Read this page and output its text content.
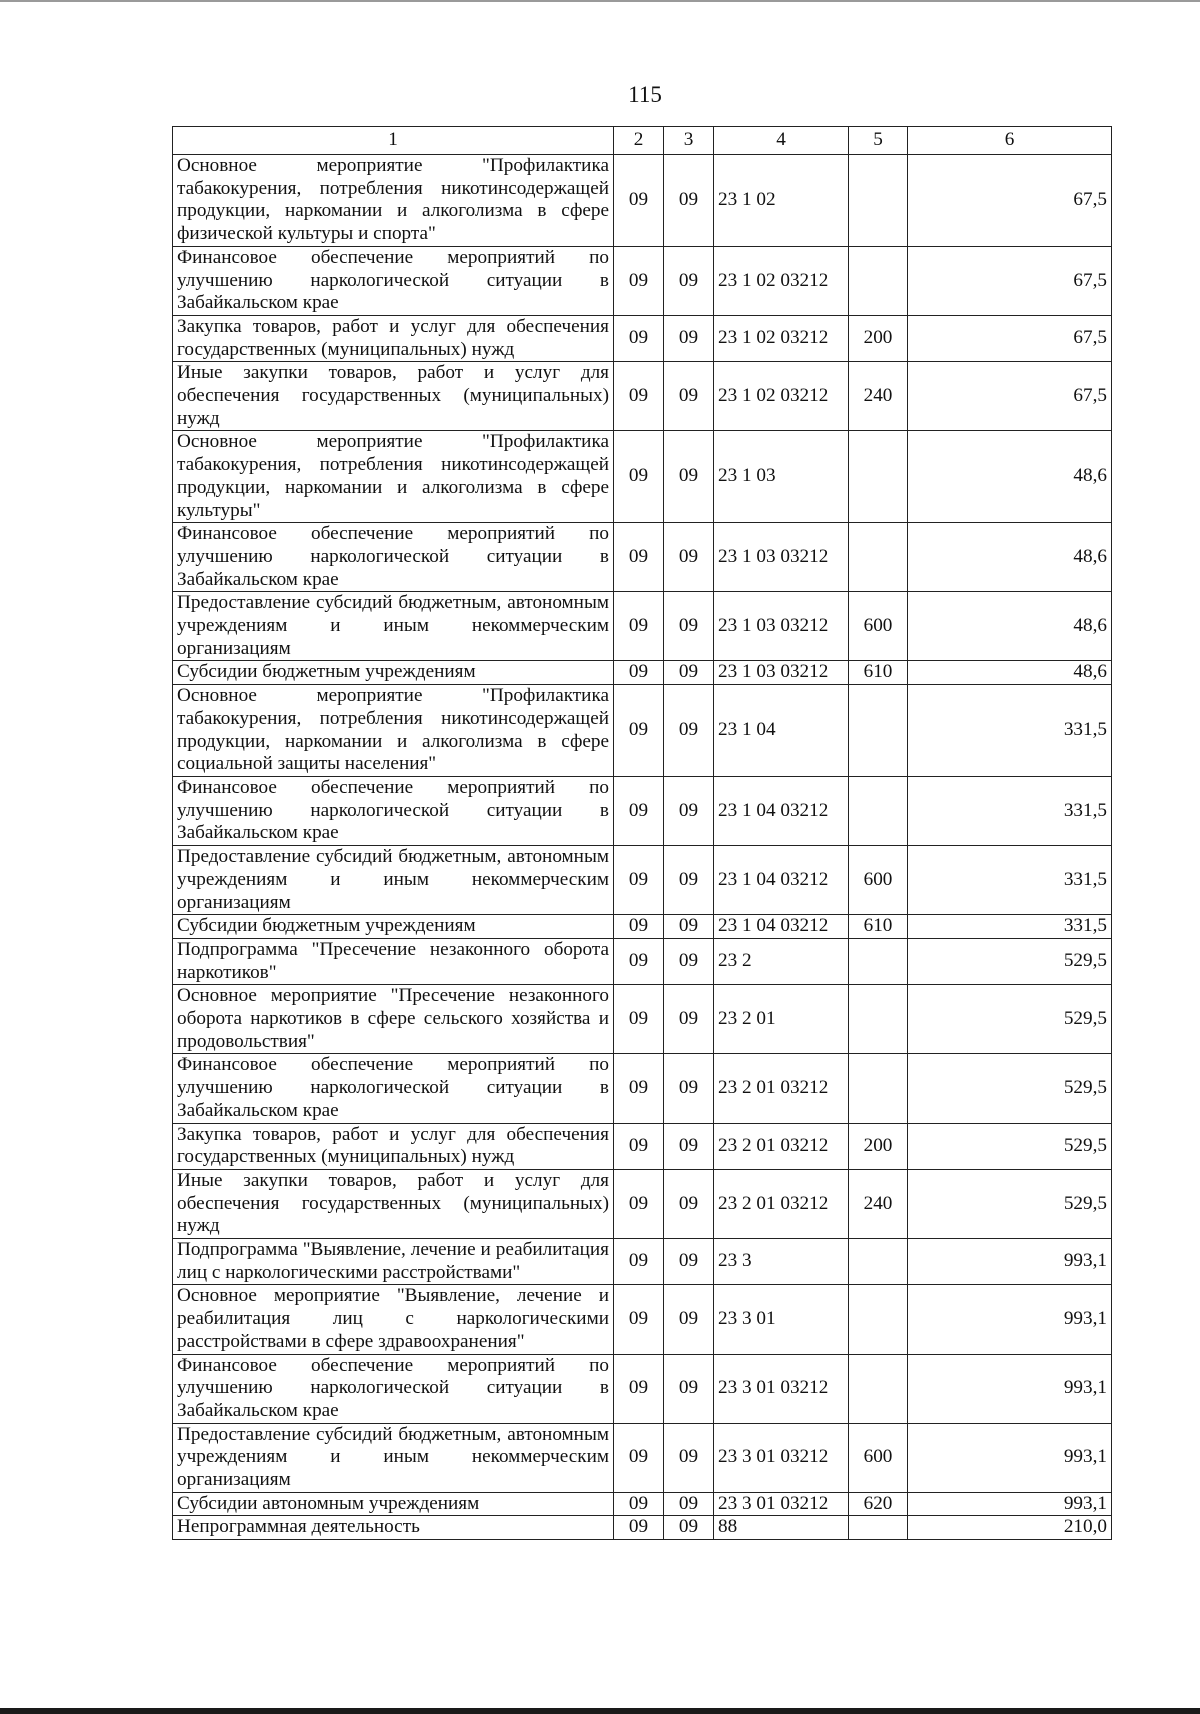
115
1	2	3	4	5	6
Основное мероприятие "Профилактика табакокурения, потребления никотинсодержащей продукции, наркомании и алкоголизма в сфере физической культуры и спорта"	09	09	23 1 02		67,5
Финансовое обеспечение мероприятий по улучшению наркологической ситуации в Забайкальском крае	09	09	23 1 02 03212		67,5
Закупка товаров, работ и услуг для обеспечения государственных (муниципальных) нужд	09	09	23 1 02 03212	200	67,5
Иные закупки товаров, работ и услуг для обеспечения государственных (муниципальных) нужд	09	09	23 1 02 03212	240	67,5
Основное мероприятие "Профилактика табакокурения, потребления никотинсодержащей продукции, наркомании и алкоголизма в сфере культуры"	09	09	23 1 03		48,6
Финансовое обеспечение мероприятий по улучшению наркологической ситуации в Забайкальском крае	09	09	23 1 03 03212		48,6
Предоставление субсидий бюджетным, автономным учреждениям и иным некоммерческим организациям	09	09	23 1 03 03212	600	48,6
Субсидии бюджетным учреждениям	09	09	23 1 03 03212	610	48,6
Основное мероприятие "Профилактика табакокурения, потребления никотинсодержащей продукции, наркомании и алкоголизма в сфере социальной защиты населения"	09	09	23 1 04		331,5
Финансовое обеспечение мероприятий по улучшению наркологической ситуации в Забайкальском крае	09	09	23 1 04 03212		331,5
Предоставление субсидий бюджетным, автономным учреждениям и иным некоммерческим организациям	09	09	23 1 04 03212	600	331,5
Субсидии бюджетным учреждениям	09	09	23 1 04 03212	610	331,5
Подпрограмма "Пресечение незаконного оборота наркотиков"	09	09	23 2		529,5
Основное мероприятие "Пресечение незаконного оборота наркотиков в сфере сельского хозяйства и продовольствия"	09	09	23 2 01		529,5
Финансовое обеспечение мероприятий по улучшению наркологической ситуации в Забайкальском крае	09	09	23 2 01 03212		529,5
Закупка товаров, работ и услуг для обеспечения государственных (муниципальных) нужд	09	09	23 2 01 03212	200	529,5
Иные закупки товаров, работ и услуг для обеспечения государственных (муниципальных) нужд	09	09	23 2 01 03212	240	529,5
Подпрограмма "Выявление, лечение и реабилитация лиц с наркологическими расстройствами"	09	09	23 3		993,1
Основное мероприятие "Выявление, лечение и реабилитация лиц с наркологическими расстройствами в сфере здравоохранения"	09	09	23 3 01		993,1
Финансовое обеспечение мероприятий по улучшению наркологической ситуации в Забайкальском крае	09	09	23 3 01 03212		993,1
Предоставление субсидий бюджетным, автономным учреждениям и иным некоммерческим организациям	09	09	23 3 01 03212	600	993,1
Субсидии автономным учреждениям	09	09	23 3 01 03212	620	993,1
Непрограммная деятельность	09	09	88		210,0
